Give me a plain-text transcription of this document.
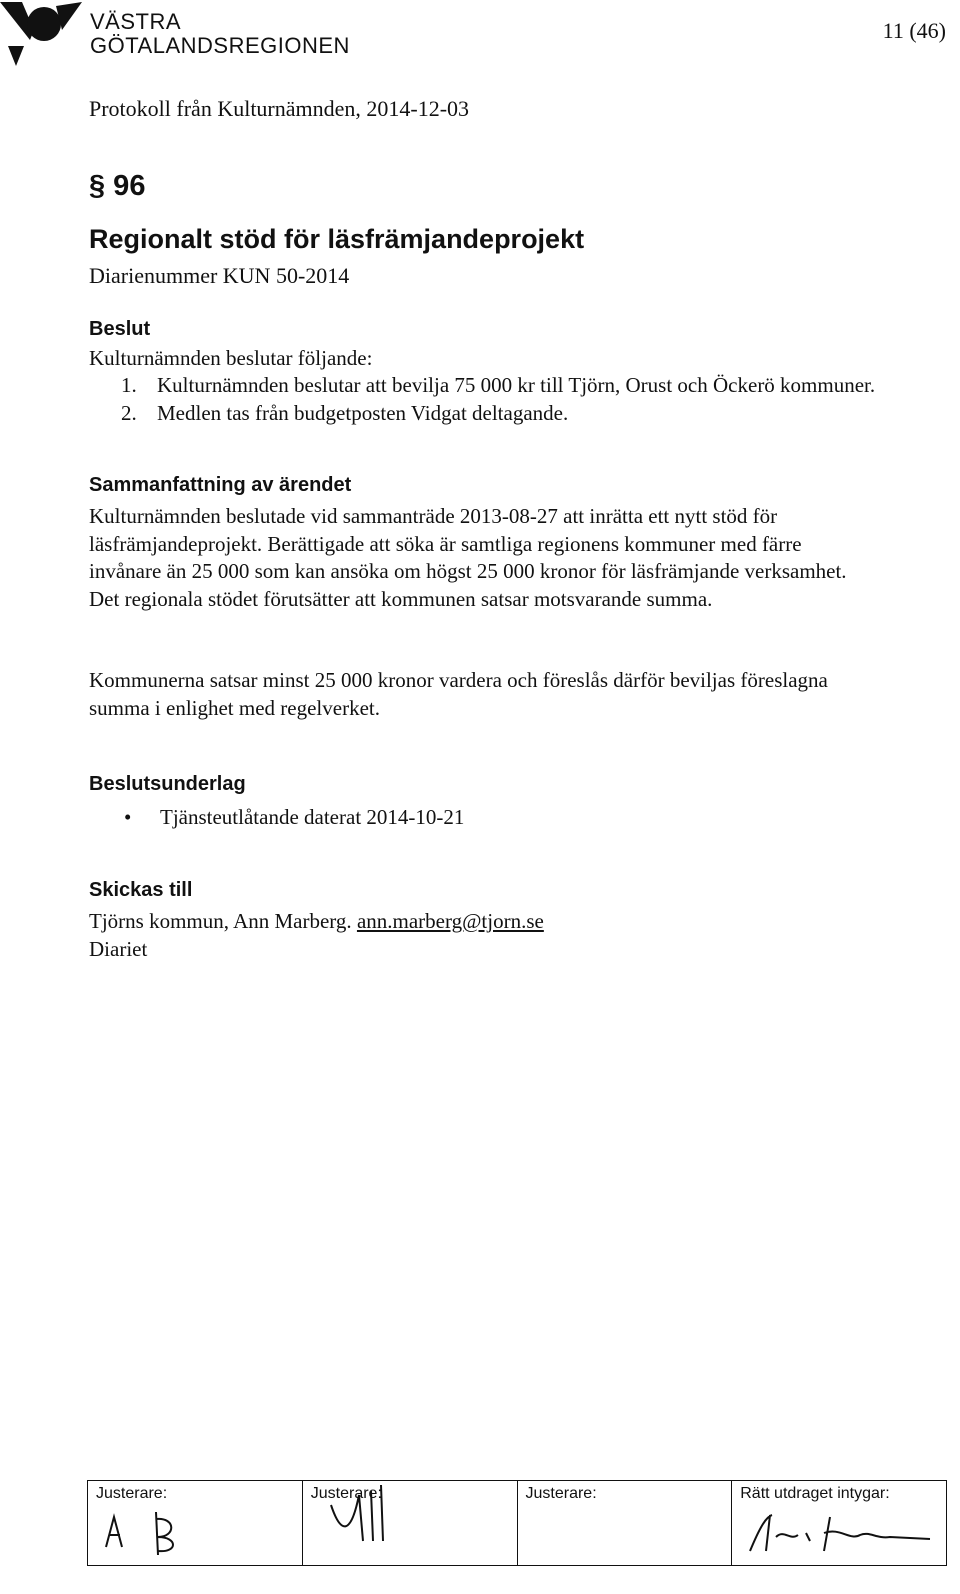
VÄSTRA
GÖTALANDSREGIONEN
11 (46)
Protokoll från Kulturnämnden, 2014-12-03
§ 96
Regionalt stöd för läsfrämjandeprojekt
Diarienummer KUN 50-2014
Beslut
Kulturnämnden beslutar följande:
1. Kulturnämnden beslutar att bevilja 75 000 kr till Tjörn, Orust och Öckerö kommuner.
2. Medlen tas från budgetposten Vidgat deltagande.
Sammanfattning av ärendet
Kulturnämnden beslutade vid sammanträde 2013-08-27 att inrätta ett nytt stöd för läsfrämjandeprojekt. Berättigade att söka är samtliga regionens kommuner med färre invånare än 25 000 som kan ansöka om högst 25 000 kronor för läsfrämjande verksamhet. Det regionala stödet förutsätter att kommunen satsar motsvarande summa.
Kommunerna satsar minst 25 000 kronor vardera och föreslås därför beviljas föreslagna summa i enlighet med regelverket.
Beslutsunderlag
• Tjänsteutlåtande daterat 2014-10-21
Skickas till
Tjörns kommun, Ann Marberg. ann.marberg@tjorn.se
Diariet
Justerare:	Justerare:	Justerare:	Rätt utdraget intygar:
